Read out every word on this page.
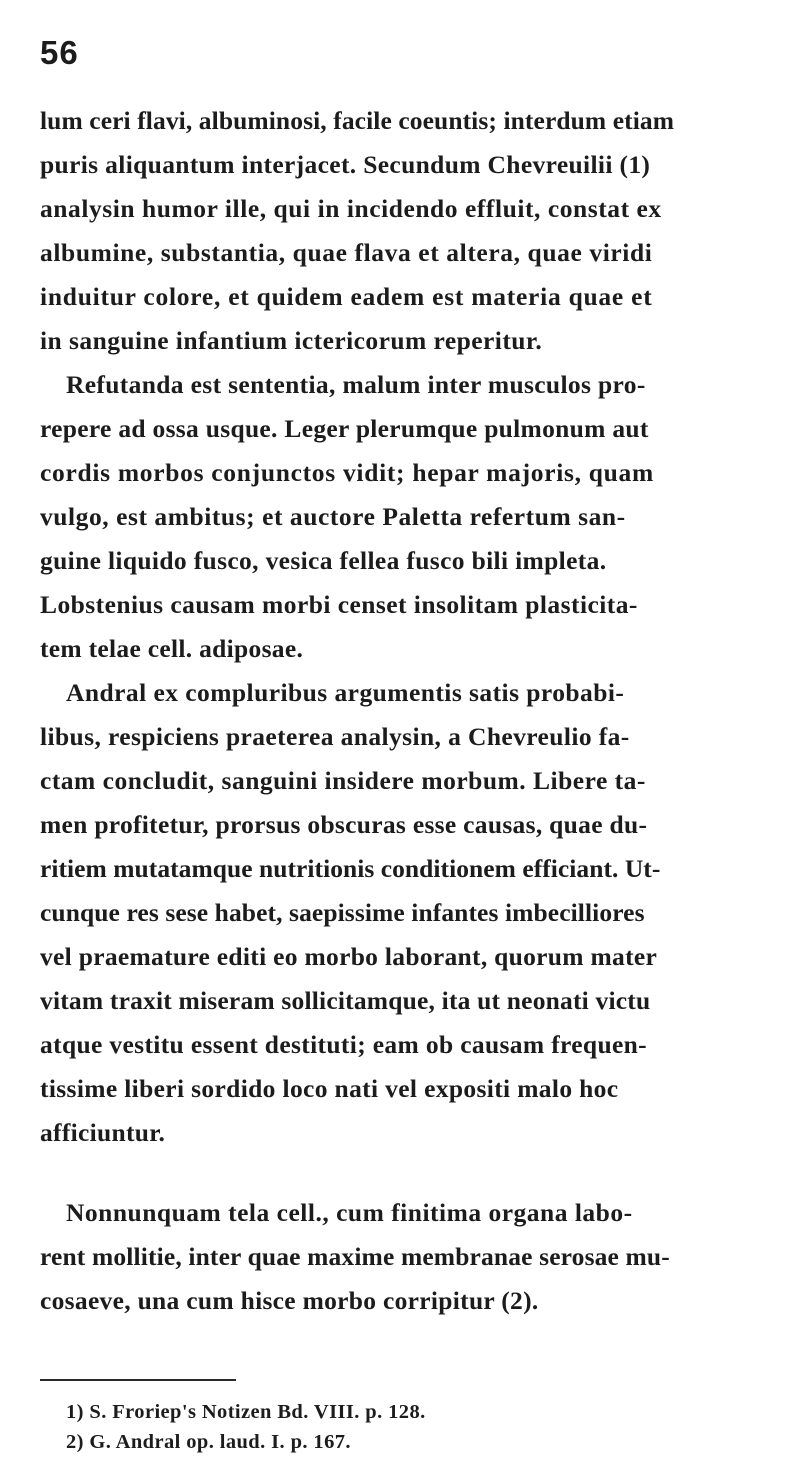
56
lum ceri flavi, albuminosi, facile coeuntis; interdum etiam
puris aliquantum interjacet. Secundum Chevreuilii (1)
analysin humor ille, qui in incidendo effluit, constat ex
albumine, substantia, quae flava et altera, quae viridi
induitur colore, et quidem eadem est materia quae et
in sanguine infantium ictericorum reperitur.
Refutanda est sententia, malum inter musculos pro-
repere ad ossa usque. Leger plerumque pulmonum aut
cordis morbos conjunctos vidit; hepar majoris, quam
vulgo, est ambitus; et auctore Paletta refertum san-
guine liquido fusco, vesica fellea fusco bili impleta.
Lobstenius causam morbi censet insolitam plasticita-
tem telae cell. adiposae.
Andral ex compluribus argumentis satis probabi-
libus, respiciens praeterea analysin, a Chevreulio fa-
ctam concludit, sanguini insidere morbum. Libere ta-
men profitetur, prorsus obscuras esse causas, quae du-
ritiem mutatamque nutritionis conditionem efficiant. Ut-
cunque res sese habet, saepissime infantes imbecilliores
vel praemature editi eo morbo laborant, quorum mater
vitam traxit miseram sollicitamque, ita ut neonati victu
atque vestitu essent destituti; eam ob causam frequen-
tissime liberi sordido loco nati vel expositi malo hoc
afficiuntur.
Nonnunquam tela cell., cum finitima organa labo-
rent mollitie, inter quae maxime membranae serosae mu-
cosaeve, una cum hisce morbo corripitur (2).
1) S. Froriep's Notizen Bd. VIII. p. 128.
2) G. Andral op. laud. I. p. 167.
